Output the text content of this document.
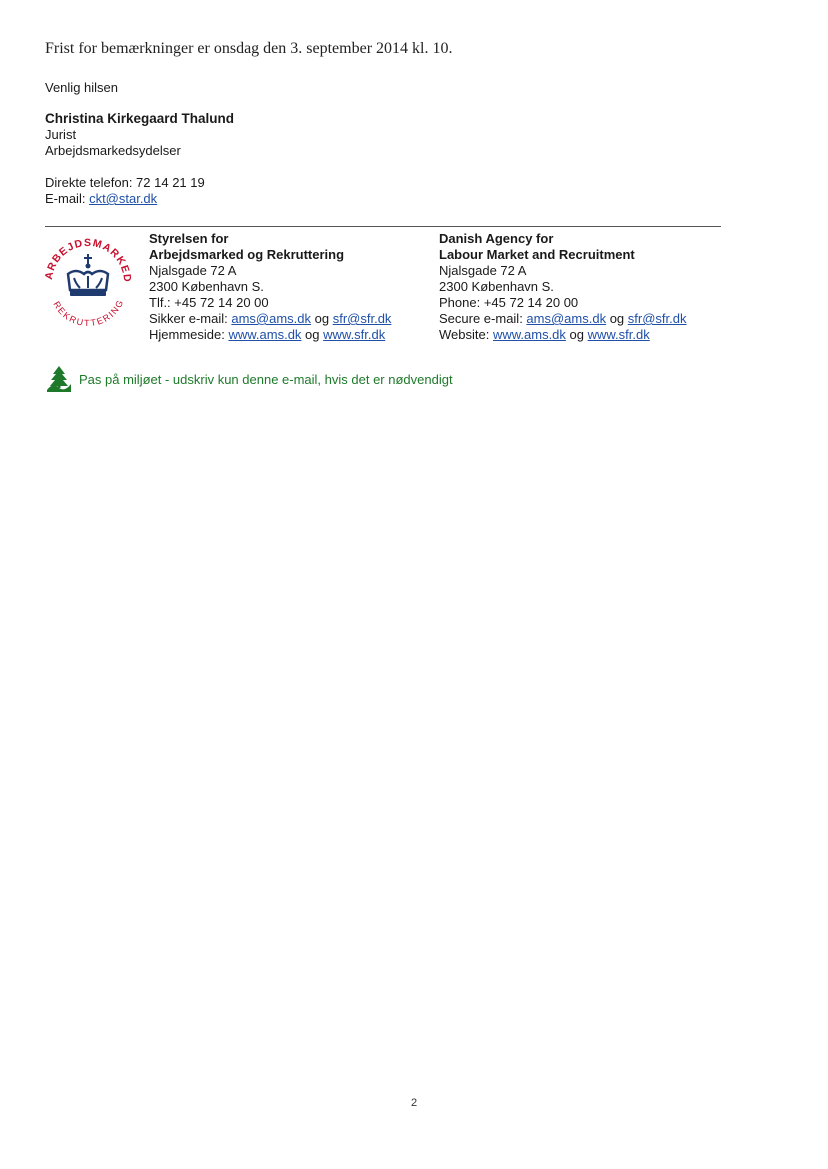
Frist for bemærkninger er onsdag den 3. september 2014 kl. 10.
Venlig hilsen
Christina Kirkegaard Thalund
Jurist
Arbejdsmarkedsydelser
Direkte telefon: 72 14 21 19
E-mail: ckt@star.dk
ARBEJDSMARKED
REKRUTTERING
Styrelsen for
Arbejdsmarked og Rekruttering
Njalsgade 72 A
2300 København S.
Tlf.: +45 72 14 20 00
Sikker e-mail: ams@ams.dk og sfr@sfr.dk
Hjemmeside: www.ams.dk og www.sfr.dk
Danish Agency for
Labour Market and Recruitment
Njalsgade 72 A
2300 København S.
Phone: +45 72 14 20 00
Secure e-mail: ams@ams.dk og sfr@sfr.dk
Website: www.ams.dk og www.sfr.dk
Pas på miljøet - udskriv kun denne e-mail, hvis det er nødvendigt
2
